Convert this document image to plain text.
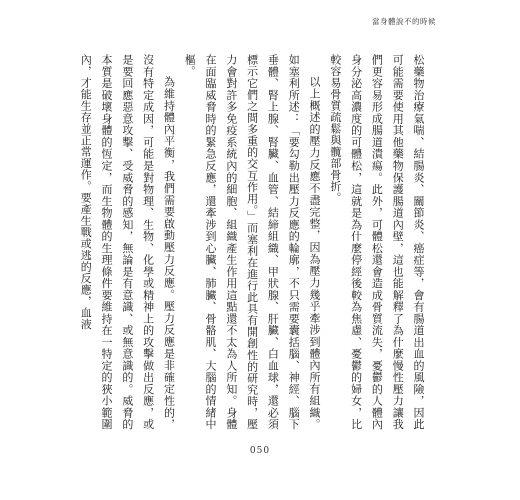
當身體說不的時候

松藥物治療氣喘、結腸炎、關節炎、癌症等，會有腸道出血的風險，因此可能需要使用其他藥物保護腸道內壁，這也能解釋了為什麼慢性壓力讓我們更容易形成腸道潰瘍。此外，可體松還會造成骨質流失，憂鬱的人體內身分泌高濃度的可體松，這就是為什麼停經後較為焦慮、憂鬱的婦女，比較容易骨質疏鬆與髖部骨折。

以上概述的壓力反應不盡完整，因為壓力幾乎牽涉到體內所有組織。如塞利所述：「要勾勒出壓力反應的輪廓，不只需要囊括腦、神經、腦下垂體、腎上腺、腎臟、血管、結締組織、甲狀腺、肝臟、白血球，還必須標示它們之間多重的交互作用。」而塞利在進行此具有開創性的研究時，壓力會對許多免疫系統內的細胞、組織產生作用這點還不太為人所知。身體在面臨威脅時的緊急反應，還牽涉到心臟、肺臟、骨骼肌、大腦的情緒中樞。

為維持體內平衡，我們需要啟動壓力反應。壓力反應是非確定性的，沒有特定成因，可能是對物理、生物、化學或精神上的攻擊做出反應，或是要回應惡意攻擊、受威脅的感知，無論是有意識、或無意識的。威脅的本質是破壞身體的恆定，而生物體的生理條件要維持在一特定的狹小範圍內，才能生存並正常運作。要產生戰或逃的反應，血液

050
